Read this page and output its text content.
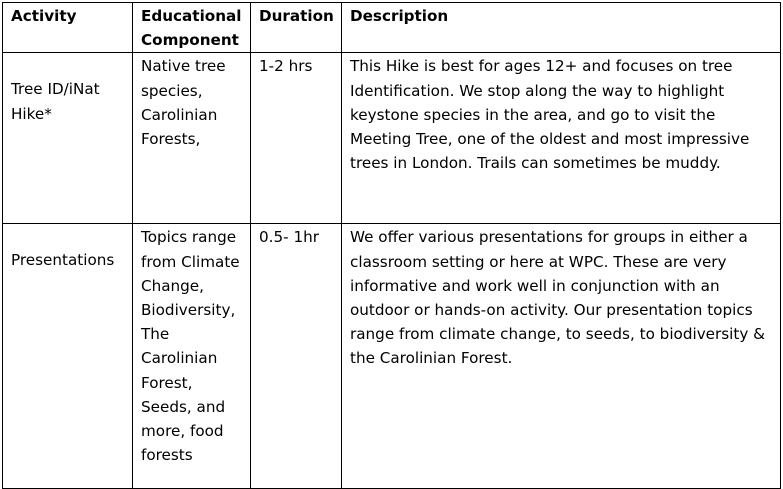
Activity	Educational Component	Duration	Description
Tree ID/iNat Hike*	Native tree species, Carolinian Forests,	1-2 hrs	This Hike is best for ages 12+ and focuses on tree Identification. We stop along the way to highlight keystone species in the area, and go to visit the Meeting Tree, one of the oldest and most impressive trees in London. Trails can sometimes be muddy.
Presentations	Topics range from Climate Change, Biodiversity, The Carolinian Forest, Seeds, and more, food forests	0.5- 1hr	We offer various presentations for groups in either a classroom setting or here at WPC. These are very informative and work well in conjunction with an outdoor or hands-on activity. Our presentation topics range from climate change, to seeds, to biodiversity & the Carolinian Forest.
